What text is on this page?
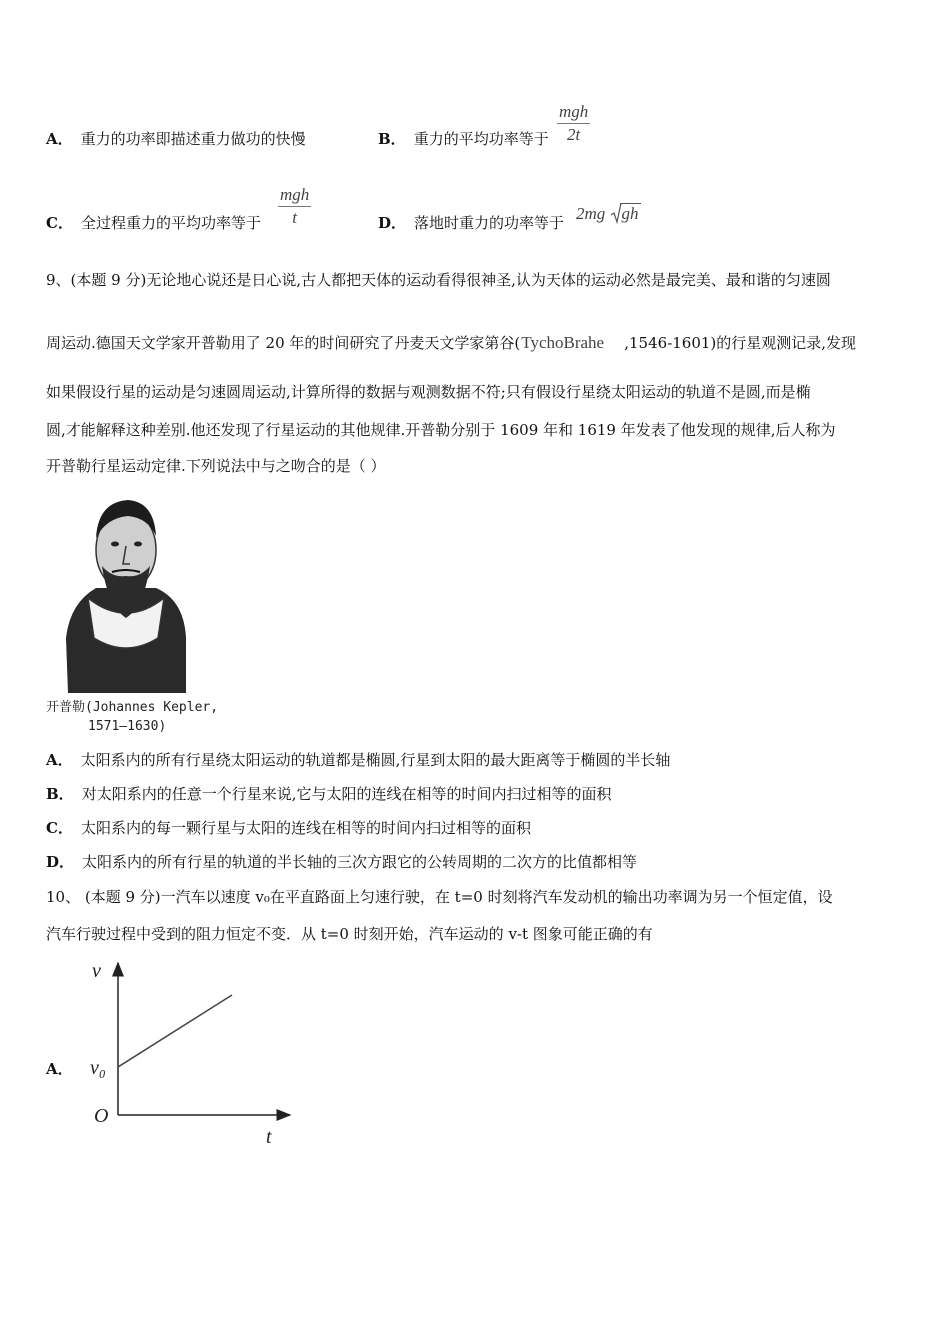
A． 重力的功率即描述重力做功的快慢	B． 重力的平均功率等于
mgh
2t
C． 全过程重力的平均功率等于
mgh
t	D． 落地时重力的功率等于 2mg gh
9、(本题 9 分)无论地心说还是日心说,古人都把天体的运动看得很神圣,认为天体的运动必然是最完美、最和谐的匀速圆
周运动.德国天文学家开普勒用了 20 年的时间研究了丹麦天文学家第谷( TychoBrahe ,1546-1601)的行星观测记录,发现
如果假设行星的运动是匀速圆周运动,计算所得的数据与观测数据不符;只有假设行星绕太阳运动的轨道不是圆,而是椭
圆,才能解释这种差别.他还发现了行星运动的其他规律.开普勒分别于 1609 年和 1619 年发表了他发现的规律,后人称为
开普勒行星运动定律.下列说法中与之吻合的是（ ）
开普勒(Johannes Kepler,
1571—1630)
A． 太阳系内的所有行星绕太阳运动的轨道都是椭圆,行星到太阳的最大距离等于椭圆的半长轴
B． 对太阳系内的任意一个行星来说,它与太阳的连线在相等的时间内扫过相等的面积
C． 太阳系内的每一颗行星与太阳的连线在相等的时间内扫过相等的面积
D． 太阳系内的所有行星的轨道的半长轴的三次方跟它的公转周期的二次方的比值都相等
10、 (本题 9 分)一汽车以速度 v₀在平直路面上匀速行驶，在 t=0 时刻将汽车发动机的输出功率调为另一个恒定值，设
汽车行驶过程中受到的阻力恒定不变．从 t=0 时刻开始，汽车运动的 v-t 图象可能正确的有
A．
v
t
O
v₀
